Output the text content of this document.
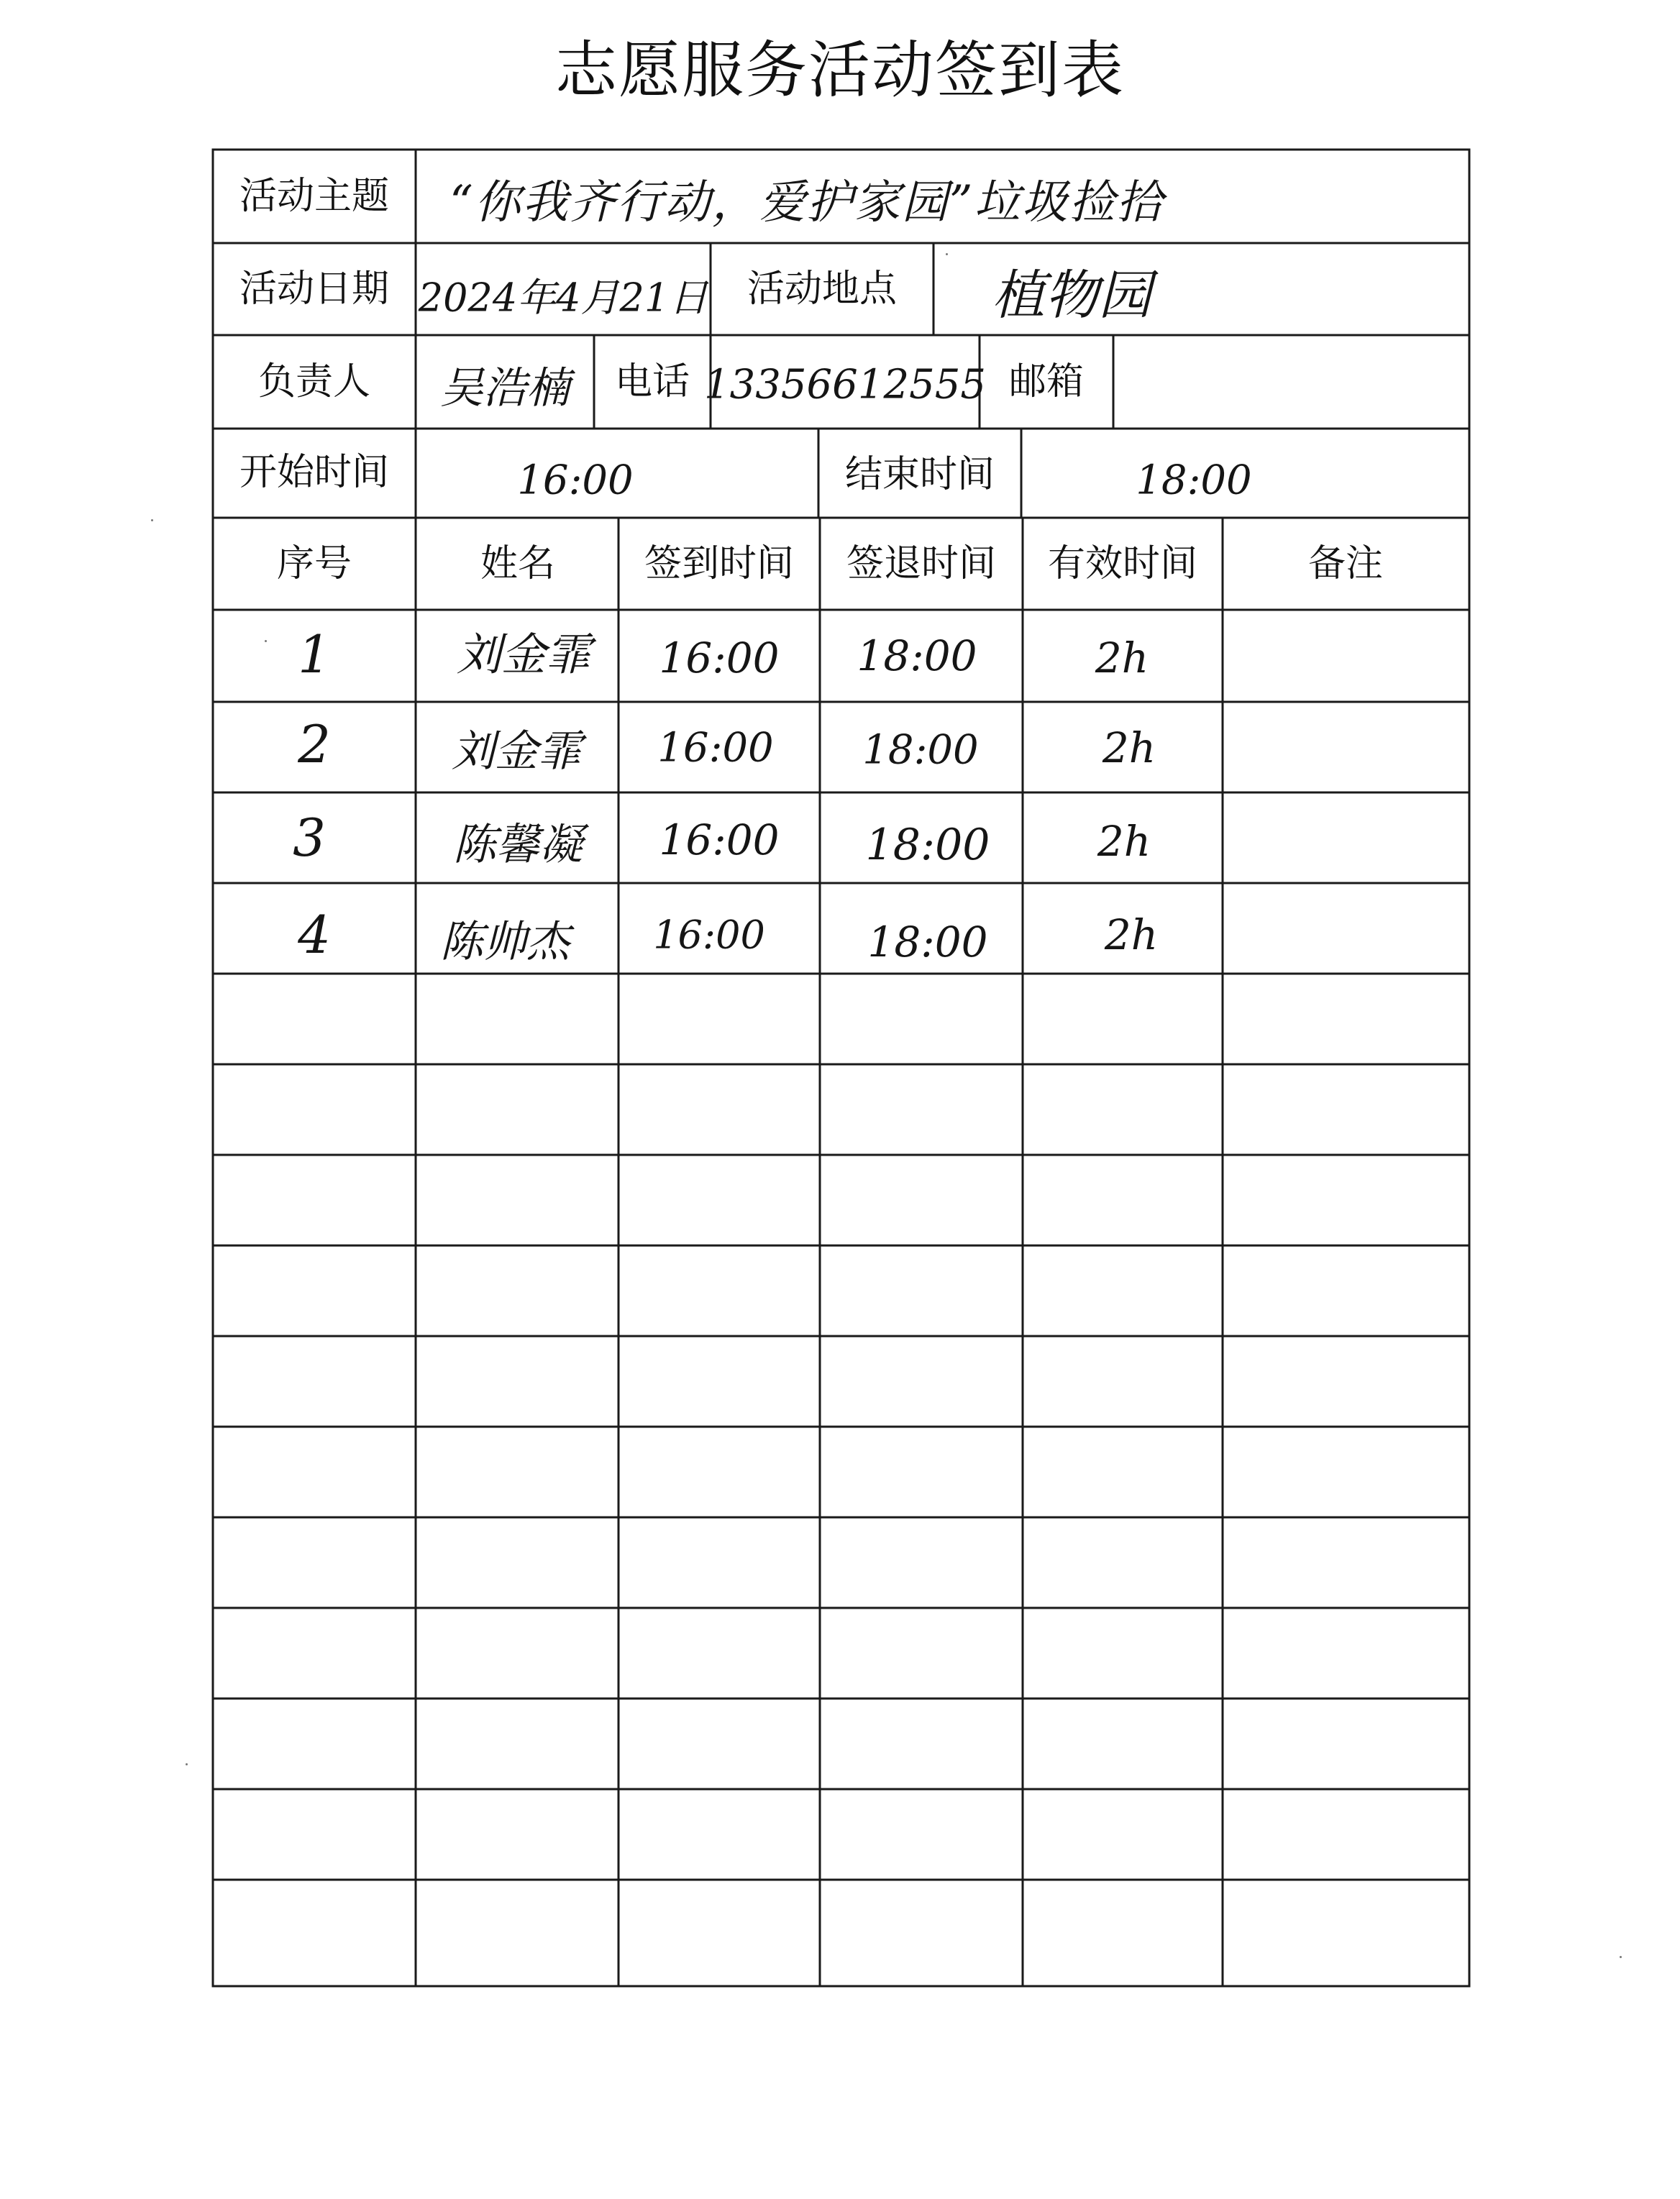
志愿服务活动签到表
活动主题 “你我齐行动，爱护家园”垃圾捡拾
活动日期 2024年4月21日 活动地点 植物园
负责人 吴浩楠 电话 13356612555 邮箱
开始时间	16:00	结束时间	18:00
序号	姓名 签到时间 签退时间 有效时间	备注
1	刘金霏 16:00 18:00	2h
2	刘金霏 16:00 18:00	2h
3	陈馨凝 16:00 18:00	2h
4	陈帅杰 16:00 18:00	2h
